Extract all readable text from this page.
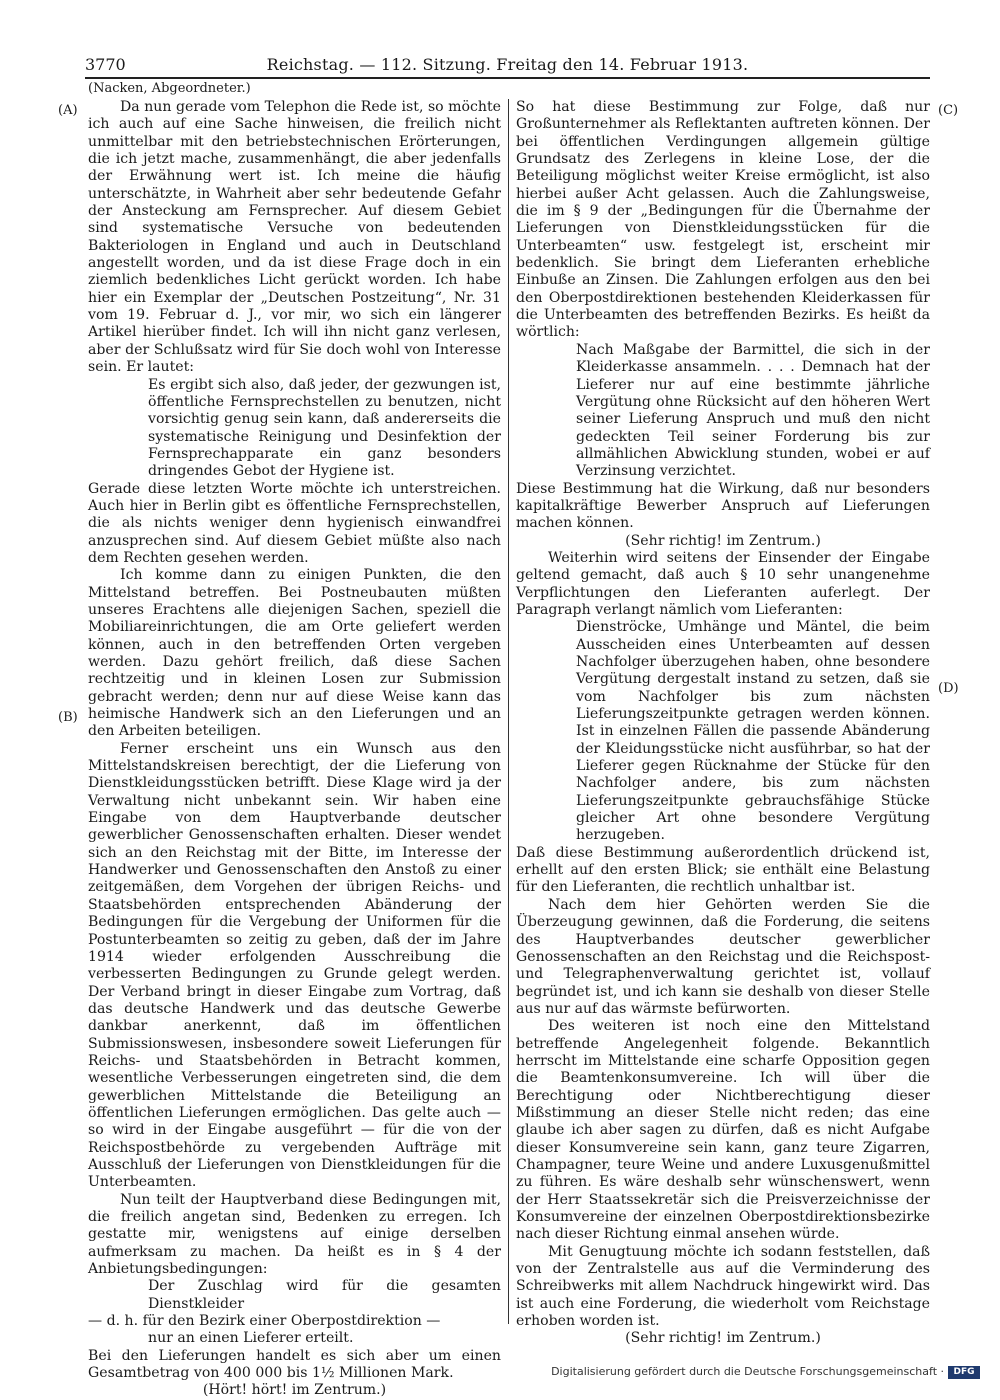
3770	Reichstag. — 112. Sitzung. Freitag den 14. Februar 1913.
(Nacken, Abgeordneter.)
(A)
(B)
(C)
(D)

Da nun gerade vom Telephon die Rede ist, so möchte ich auch auf eine Sache hinweisen, die freilich nicht unmittelbar mit den betriebstechnischen Erörterungen, die ich jetzt mache, zusammenhängt, die aber jedenfalls der Erwähnung wert ist. Ich meine die häufig unterschätzte, in Wahrheit aber sehr bedeutende Gefahr der Ansteckung am Fernsprecher. Auf diesem Gebiet sind systematische Versuche von bedeutenden Bakteriologen in England und auch in Deutschland angestellt worden, und da ist diese Frage doch in ein ziemlich bedenkliches Licht gerückt worden. Ich habe hier ein Exemplar der „Deutschen Postzeitung“, Nr. 31 vom 19. Februar d. J., vor mir, wo sich ein längerer Artikel hierüber findet. Ich will ihn nicht ganz verlesen, aber der Schlußsatz wird für Sie doch wohl von Interesse sein. Er lautet:

Es ergibt sich also, daß jeder, der gezwungen ist, öffentliche Fernsprechstellen zu benutzen, nicht vorsichtig genug sein kann, daß andererseits die systematische Reinigung und Desinfektion der Fernsprechapparate ein ganz besonders dringendes Gebot der Hygiene ist.

Gerade diese letzten Worte möchte ich unterstreichen. Auch hier in Berlin gibt es öffentliche Fernsprechstellen, die als nichts weniger denn hygienisch einwandfrei anzusprechen sind. Auf diesem Gebiet müßte also nach dem Rechten gesehen werden.

Ich komme dann zu einigen Punkten, die den Mittelstand betreffen. Bei Postneubauten müßten unseres Erachtens alle diejenigen Sachen, speziell die Mobiliareinrichtungen, die am Orte geliefert werden können, auch in den betreffenden Orten vergeben werden. Dazu gehört freilich, daß diese Sachen rechtzeitig und in kleinen Losen zur Submission gebracht werden; denn nur auf diese Weise kann das heimische Handwerk sich an den Lieferungen und an den Arbeiten beteiligen.

Ferner erscheint uns ein Wunsch aus den Mittelstandskreisen berechtigt, der die Lieferung von Dienstkleidungsstücken betrifft. Diese Klage wird ja der Verwaltung nicht unbekannt sein. Wir haben eine Eingabe von dem Hauptverbande deutscher gewerblicher Genossenschaften erhalten. Dieser wendet sich an den Reichstag mit der Bitte, im Interesse der Handwerker und Genossenschaften den Anstoß zu einer zeitgemäßen, dem Vorgehen der übrigen Reichs- und Staatsbehörden entsprechenden Abänderung der Bedingungen für die Vergebung der Uniformen für die Postunterbeamten so zeitig zu geben, daß der im Jahre 1914 wieder erfolgenden Ausschreibung die verbesserten Bedingungen zu Grunde gelegt werden. Der Verband bringt in dieser Eingabe zum Vortrag, daß das deutsche Handwerk und das deutsche Gewerbe dankbar anerkennt, daß im öffentlichen Submissionswesen, insbesondere soweit Lieferungen für Reichs- und Staatsbehörden in Betracht kommen, wesentliche Verbesserungen eingetreten sind, die dem gewerblichen Mittelstande die Beteiligung an öffentlichen Lieferungen ermöglichen. Das gelte auch — so wird in der Eingabe ausgeführt — für die von der Reichspostbehörde zu vergebenden Aufträge mit Ausschluß der Lieferungen von Dienstkleidungen für die Unterbeamten.

Nun teilt der Hauptverband diese Bedingungen mit, die freilich angetan sind, Bedenken zu erregen. Ich gestatte mir, wenigstens auf einige derselben aufmerksam zu machen. Da heißt es in § 4 der Anbietungsbedingungen:

Der Zuschlag wird für die gesamten Dienstkleider

— d. h. für den Bezirk einer Oberpostdirektion —

nur an einen Lieferer erteilt.

Bei den Lieferungen handelt es sich aber um einen Gesamtbetrag von 400 000 bis 1½ Millionen Mark.

(Hört! hört! im Zentrum.)

So hat diese Bestimmung zur Folge, daß nur Großunternehmer als Reflektanten auftreten können. Der bei öffentlichen Verdingungen allgemein gültige Grundsatz des Zerlegens in kleine Lose, der die Beteiligung möglichst weiter Kreise ermöglicht, ist also hierbei außer Acht gelassen. Auch die Zahlungsweise, die im § 9 der „Bedingungen für die Übernahme der Lieferungen von Dienstkleidungsstücken für die Unterbeamten“ usw. festgelegt ist, erscheint mir bedenklich. Sie bringt dem Lieferanten erhebliche Einbuße an Zinsen. Die Zahlungen erfolgen aus den bei den Oberpostdirektionen bestehenden Kleiderkassen für die Unterbeamten des betreffenden Bezirks. Es heißt da wörtlich:

Nach Maßgabe der Barmittel, die sich in der Kleiderkasse ansammeln. . . . Demnach hat der Lieferer nur auf eine bestimmte jährliche Vergütung ohne Rücksicht auf den höheren Wert seiner Lieferung Anspruch und muß den nicht gedeckten Teil seiner Forderung bis zur allmählichen Abwicklung stunden, wobei er auf Verzinsung verzichtet.

Diese Bestimmung hat die Wirkung, daß nur besonders kapitalkräftige Bewerber Anspruch auf Lieferungen machen können.

(Sehr richtig! im Zentrum.)

Weiterhin wird seitens der Einsender der Eingabe geltend gemacht, daß auch § 10 sehr unangenehme Verpflichtungen den Lieferanten auferlegt. Der Paragraph verlangt nämlich vom Lieferanten:

Dienströcke, Umhänge und Mäntel, die beim Ausscheiden eines Unterbeamten auf dessen Nachfolger überzugehen haben, ohne besondere Vergütung dergestalt instand zu setzen, daß sie vom Nachfolger bis zum nächsten Lieferungszeitpunkte getragen werden können. Ist in einzelnen Fällen die passende Abänderung der Kleidungsstücke nicht ausführbar, so hat der Lieferer gegen Rücknahme der Stücke für den Nachfolger andere, bis zum nächsten Lieferungszeitpunkte gebrauchsfähige Stücke gleicher Art ohne besondere Vergütung herzugeben.

Daß diese Bestimmung außerordentlich drückend ist, erhellt auf den ersten Blick; sie enthält eine Belastung für den Lieferanten, die rechtlich unhaltbar ist.

Nach dem hier Gehörten werden Sie die Überzeugung gewinnen, daß die Forderung, die seitens des Hauptverbandes deutscher gewerblicher Genossenschaften an den Reichstag und die Reichspost- und Telegraphenverwaltung gerichtet ist, vollauf begründet ist, und ich kann sie deshalb von dieser Stelle aus nur auf das wärmste befürworten.

Des weiteren ist noch eine den Mittelstand betreffende Angelegenheit folgende. Bekanntlich herrscht im Mittelstande eine scharfe Opposition gegen die Beamtenkonsumvereine. Ich will über die Berechtigung oder Nichtberechtigung dieser Mißstimmung an dieser Stelle nicht reden; das eine glaube ich aber sagen zu dürfen, daß es nicht Aufgabe dieser Konsumvereine sein kann, ganz teure Zigarren, Champagner, teure Weine und andere Luxusgenußmittel zu führen. Es wäre deshalb sehr wünschenswert, wenn der Herr Staatssekretär sich die Preisverzeichnisse der Konsumvereine der einzelnen Oberpostdirektionsbezirke nach dieser Richtung einmal ansehen würde.

Mit Genugtuung möchte ich sodann feststellen, daß von der Zentralstelle aus auf die Verminderung des Schreibwerks mit allem Nachdruck hingewirkt wird. Das ist auch eine Forderung, die wiederholt vom Reichstage erhoben worden ist.

(Sehr richtig! im Zentrum.)

Digitalisierung gefördert durch die Deutsche Forschungsgemeinschaft ·	DFG
